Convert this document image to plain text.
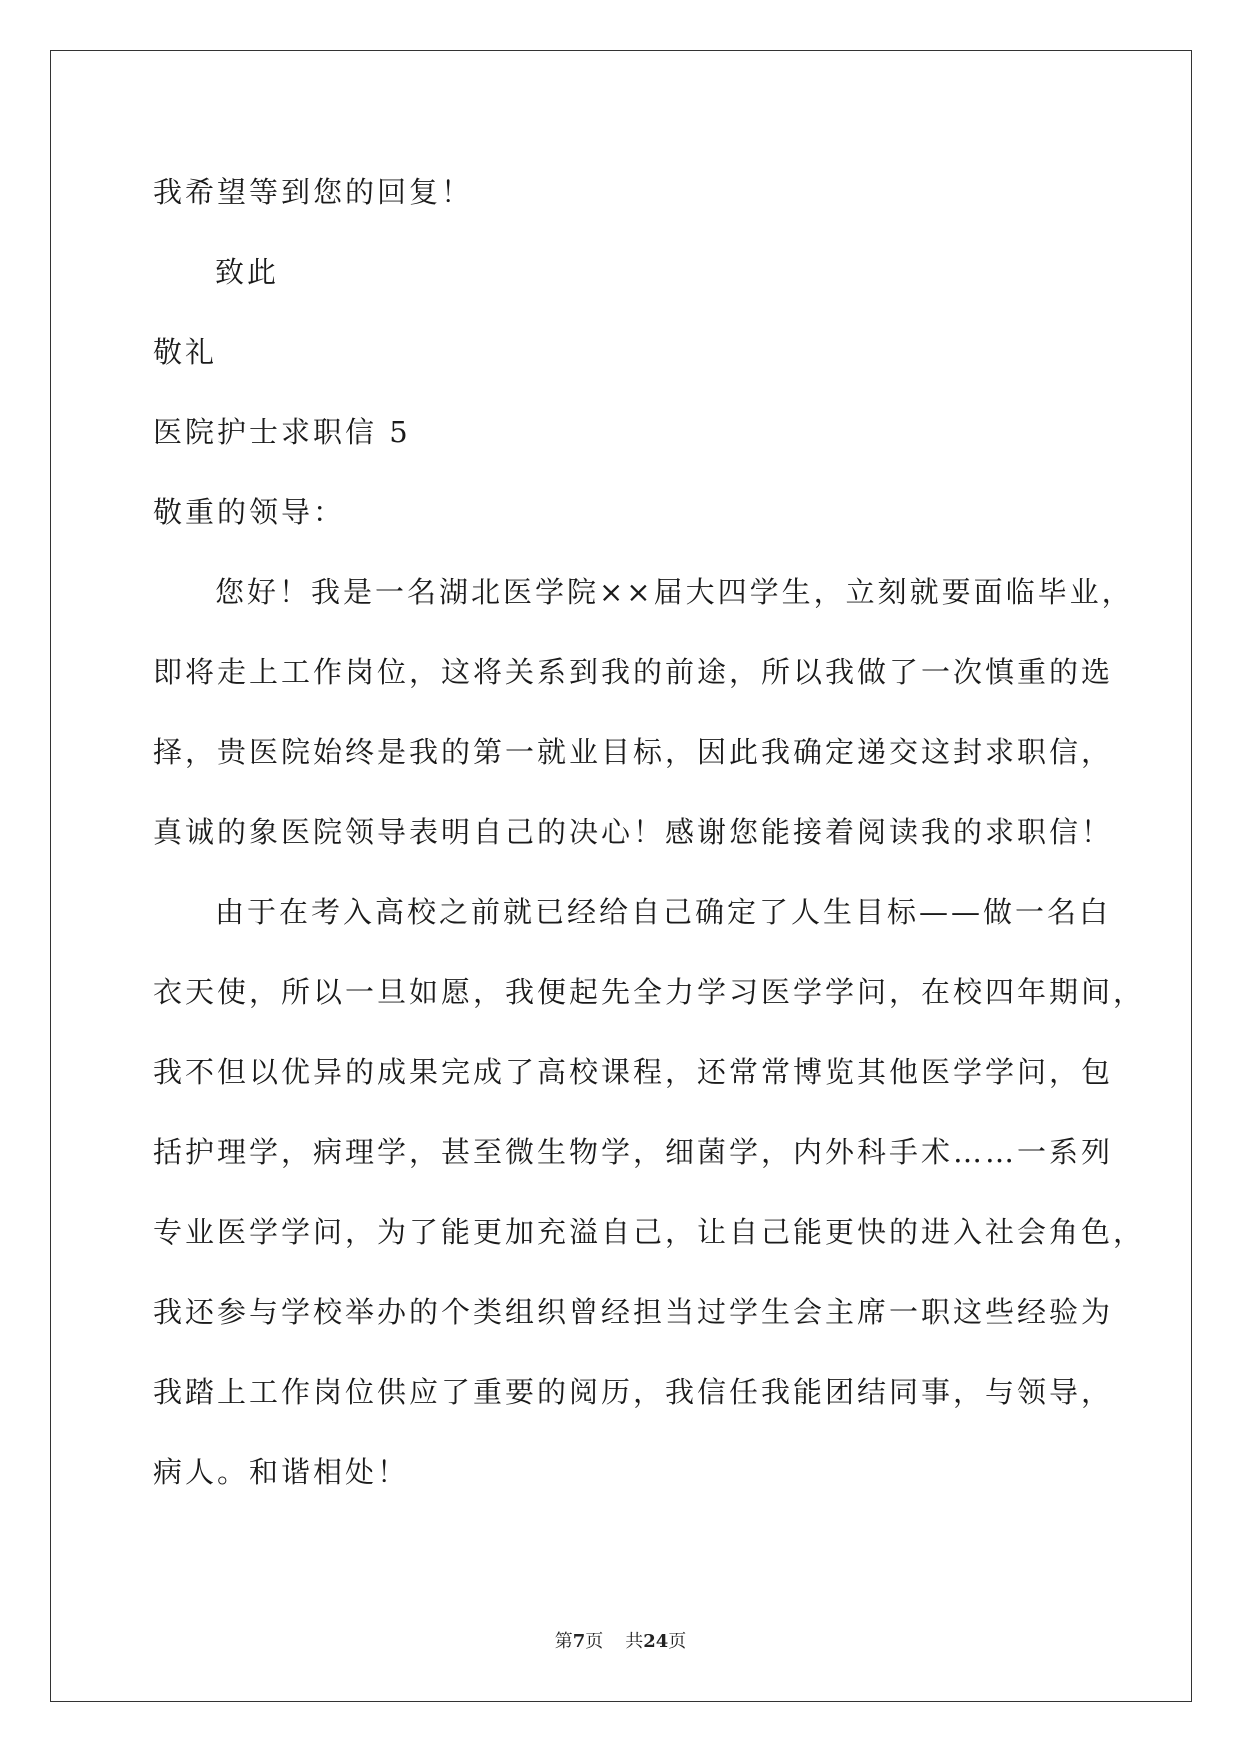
我希望等到您的回复！
致此
敬礼
医院护士求职信 5
敬重的领导：
您好！我是一名湖北医学院××届大四学生，立刻就要面临毕业，
即将走上工作岗位，这将关系到我的前途，所以我做了一次慎重的选
择，贵医院始终是我的第一就业目标，因此我确定递交这封求职信，
真诚的象医院领导表明自己的决心！感谢您能接着阅读我的求职信！
由于在考入高校之前就已经给自己确定了人生目标——做一名白
衣天使，所以一旦如愿，我便起先全力学习医学学问，在校四年期间，
我不但以优异的成果完成了高校课程，还常常博览其他医学学问，包
括护理学，病理学，甚至微生物学，细菌学，内外科手术……一系列
专业医学学问，为了能更加充溢自己，让自己能更快的进入社会角色，
我还参与学校举办的个类组织曾经担当过学生会主席一职这些经验为
我踏上工作岗位供应了重要的阅历，我信任我能团结同事，与领导，
病人。和谐相处！
第7页 共24页
